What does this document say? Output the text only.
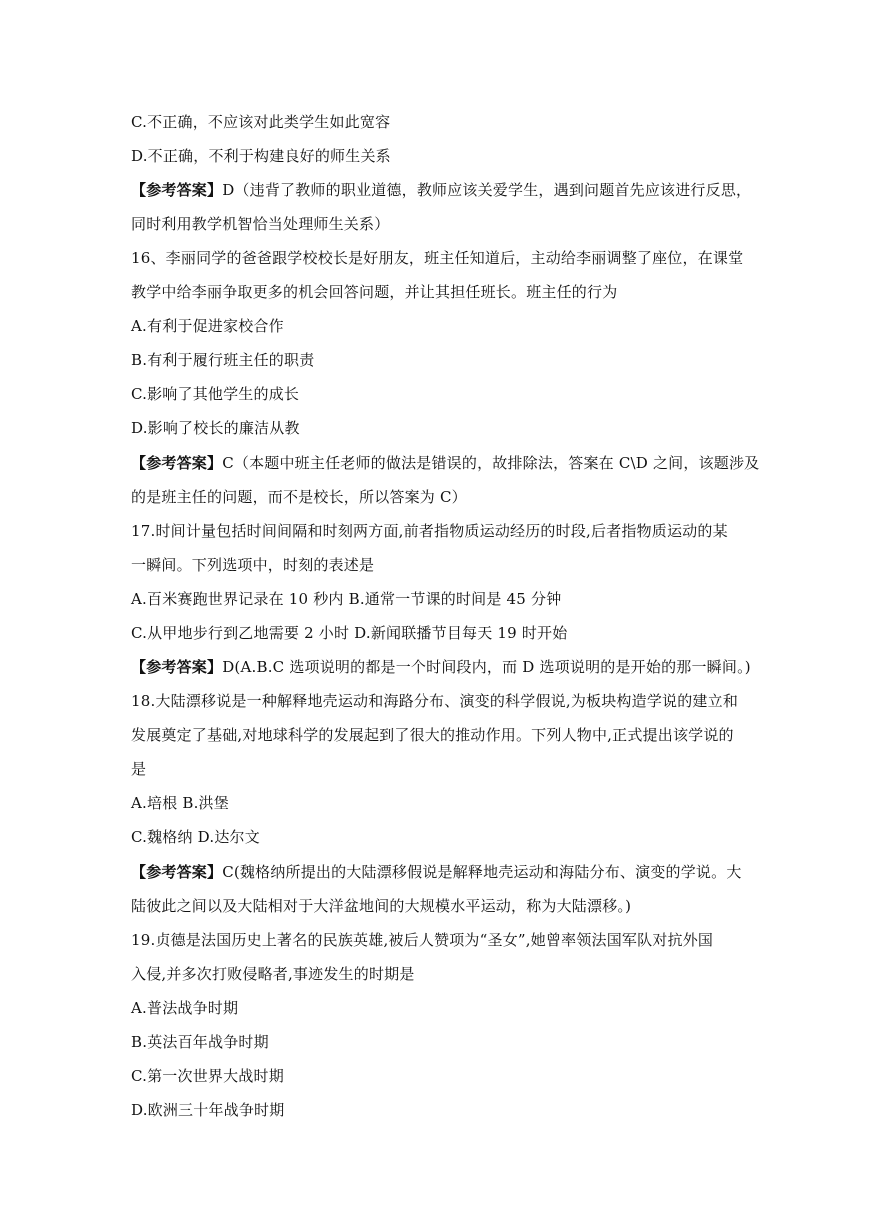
C.不正确，不应该对此类学生如此宽容
D.不正确，不利于构建良好的师生关系
【参考答案】D（违背了教师的职业道德，教师应该关爱学生，遇到问题首先应该进行反思，
同时利用教学机智恰当处理师生关系）
16、李丽同学的爸爸跟学校校长是好朋友，班主任知道后，主动给李丽调整了座位，在课堂
教学中给李丽争取更多的机会回答问题，并让其担任班长。班主任的行为
A.有利于促进家校合作
B.有利于履行班主任的职责
C.影响了其他学生的成长
D.影响了校长的廉洁从教
【参考答案】C（本题中班主任老师的做法是错误的，故排除法，答案在 C\D 之间，该题涉及
的是班主任的问题，而不是校长，所以答案为 C）
17.时间计量包括时间间隔和时刻两方面,前者指物质运动经历的时段,后者指物质运动的某
一瞬间。下列选项中，时刻的表述是
A.百米赛跑世界记录在 10 秒内 B.通常一节课的时间是 45 分钟
C.从甲地步行到乙地需要 2 小时 D.新闻联播节目每天 19 时开始
【参考答案】D(A.B.C 选项说明的都是一个时间段内，而 D 选项说明的是开始的那一瞬间。)
18.大陆漂移说是一种解释地壳运动和海路分布、演变的科学假说,为板块构造学说的建立和
发展奠定了基础,对地球科学的发展起到了很大的推动作用。下列人物中,正式提出该学说的
是
A.培根 B.洪堡
C.魏格纳 D.达尔文
【参考答案】C(魏格纳所提出的大陆漂移假说是解释地壳运动和海陆分布、演变的学说。大
陆彼此之间以及大陆相对于大洋盆地间的大规模水平运动，称为大陆漂移。)
19.贞德是法国历史上著名的民族英雄,被后人赞项为“圣女”,她曾率领法国军队对抗外国
入侵,并多次打败侵略者,事迹发生的时期是
A.普法战争时期
B.英法百年战争时期
C.第一次世界大战时期
D.欧洲三十年战争时期
